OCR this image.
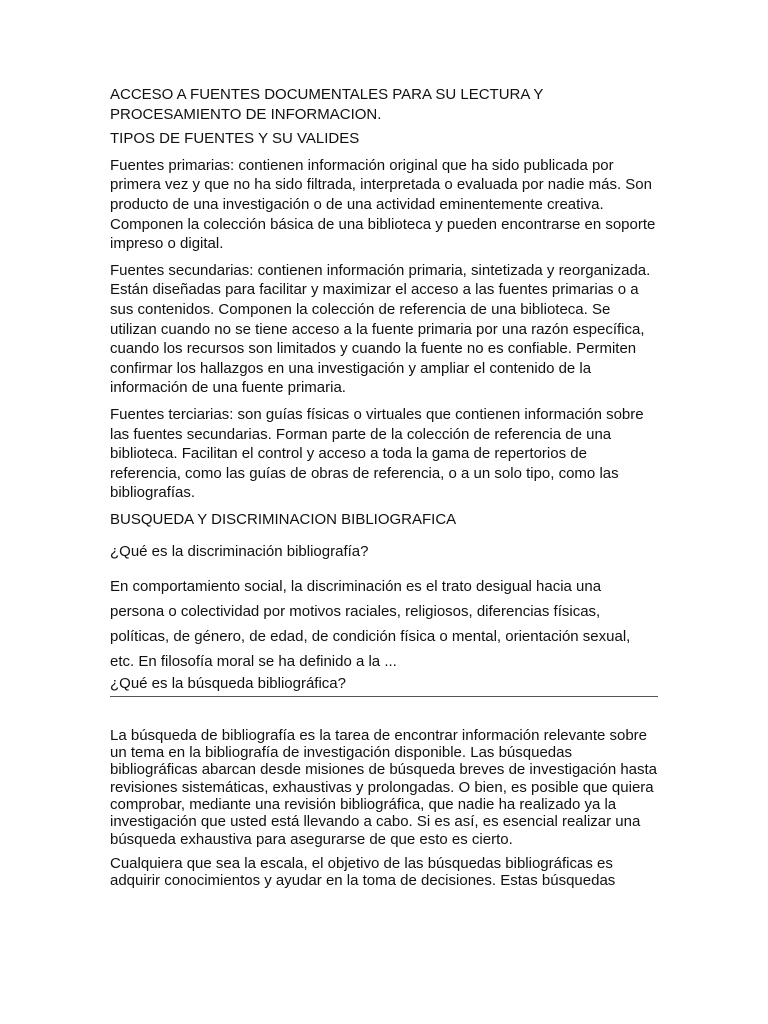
ACCESO A FUENTES DOCUMENTALES PARA SU LECTURA Y PROCESAMIENTO DE INFORMACION.

TIPOS DE FUENTES Y SU VALIDES

Fuentes primarias: contienen información original que ha sido publicada por primera vez y que no ha sido filtrada, interpretada o evaluada por nadie más. Son producto de una investigación o de una actividad eminentemente creativa. Componen la colección básica de una biblioteca y pueden encontrarse en soporte impreso o digital.

Fuentes secundarias: contienen información primaria, sintetizada y reorganizada. Están diseñadas para facilitar y maximizar el acceso a las fuentes primarias o a sus contenidos. Componen la colección de referencia de una biblioteca. Se utilizan cuando no se tiene acceso a la fuente primaria por una razón específica, cuando los recursos son limitados y cuando la fuente no es confiable. Permiten confirmar los hallazgos en una investigación y ampliar el contenido de la información de una fuente primaria.

Fuentes terciarias: son guías físicas o virtuales que contienen información sobre las fuentes secundarias. Forman parte de la colección de referencia de una biblioteca. Facilitan el control y acceso a toda la gama de repertorios de referencia, como las guías de obras de referencia, o a un solo tipo, como las bibliografías.

BUSQUEDA Y DISCRIMINACION BIBLIOGRAFICA

¿Qué es la discriminación bibliografía?

En comportamiento social, la discriminación es el trato desigual hacia una persona o colectividad por motivos raciales, religiosos, diferencias físicas, políticas, de género, de edad, de condición física o mental, orientación sexual, etc. En filosofía moral se ha definido a la ...

¿Qué es la búsqueda bibliográfica?

La búsqueda de bibliografía es la tarea de encontrar información relevante sobre un tema en la bibliografía de investigación disponible. Las búsquedas bibliográficas abarcan desde misiones de búsqueda breves de investigación hasta revisiones sistemáticas, exhaustivas y prolongadas. O bien, es posible que quiera comprobar, mediante una revisión bibliográfica, que nadie ha realizado ya la investigación que usted está llevando a cabo. Si es así, es esencial realizar una búsqueda exhaustiva para asegurarse de que esto es cierto.

Cualquiera que sea la escala, el objetivo de las búsquedas bibliográficas es adquirir conocimientos y ayudar en la toma de decisiones. Estas búsquedas
